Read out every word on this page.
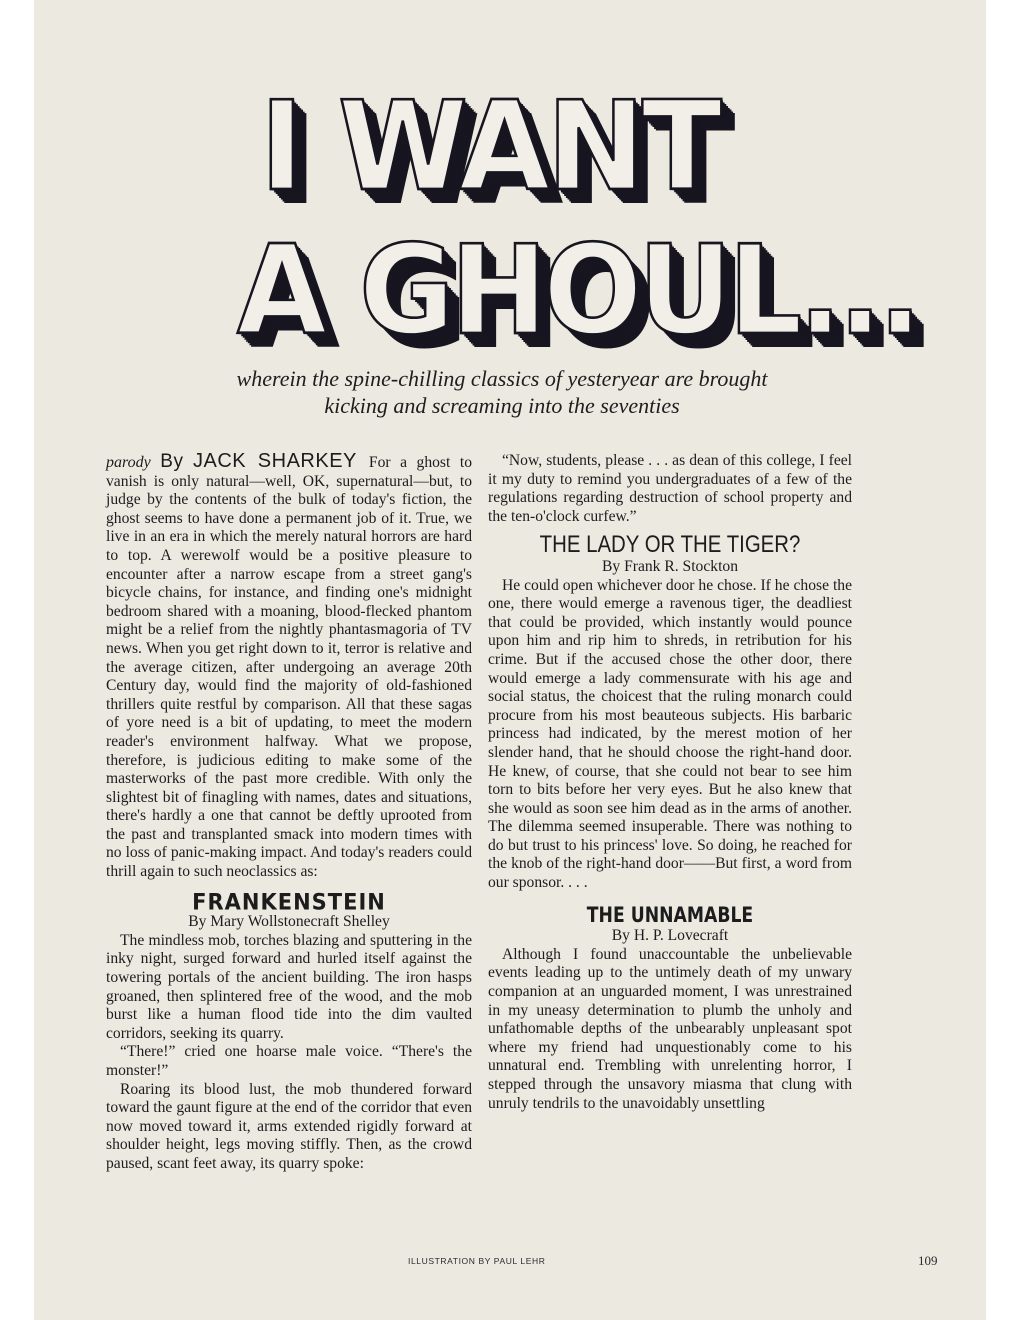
I WANT
A GHOUL...
wherein the spine-chilling classics of yesteryear are brought kicking and screaming into the seventies

parody By JACK SHARKEY For a ghost to vanish is only natural—well, OK, supernatural—but, to judge by the contents of the bulk of today's fiction, the ghost seems to have done a permanent job of it. True, we live in an era in which the merely natural horrors are hard to top. A werewolf would be a positive pleasure to encounter after a narrow escape from a street gang's bicycle chains, for instance, and finding one's midnight bedroom shared with a moaning, blood-flecked phantom might be a relief from the nightly phantasmagoria of TV news. When you get right down to it, terror is relative and the average citizen, after undergoing an average 20th Century day, would find the majority of old-fashioned thrillers quite restful by comparison. All that these sagas of yore need is a bit of updating, to meet the modern reader's environment halfway. What we propose, therefore, is judicious editing to make some of the masterworks of the past more credible. With only the slightest bit of finagling with names, dates and situations, there's hardly a one that cannot be deftly uprooted from the past and transplanted smack into modern times with no loss of panic-making impact. And today's readers could thrill again to such neoclassics as:

FRANKENSTEIN

By Mary Wollstonecraft Shelley

The mindless mob, torches blazing and sputtering in the inky night, surged forward and hurled itself against the towering portals of the ancient building. The iron hasps groaned, then splintered free of the wood, and the mob burst like a human flood tide into the dim vaulted corridors, seeking its quarry.

“There!” cried one hoarse male voice. “There's the monster!”

Roaring its blood lust, the mob thundered forward toward the gaunt figure at the end of the corridor that even now moved toward it, arms extended rigidly forward at shoulder height, legs moving stiffly. Then, as the crowd paused, scant feet away, its quarry spoke:

“Now, students, please . . . as dean of this college, I feel it my duty to remind you undergraduates of a few of the regulations regarding destruction of school property and the ten-o'clock curfew.”

THE LADY OR THE TIGER?

By Frank R. Stockton

He could open whichever door he chose. If he chose the one, there would emerge a ravenous tiger, the deadliest that could be provided, which instantly would pounce upon him and rip him to shreds, in retribution for his crime. But if the accused chose the other door, there would emerge a lady commensurate with his age and social status, the choicest that the ruling monarch could procure from his most beauteous subjects. His barbaric princess had indicated, by the merest motion of her slender hand, that he should choose the right-hand door. He knew, of course, that she could not bear to see him torn to bits before her very eyes. But he also knew that she would as soon see him dead as in the arms of another. The dilemma seemed insuperable. There was nothing to do but trust to his princess' love. So doing, he reached for the knob of the right-hand door——But first, a word from our sponsor. . . .

THE UNNAMABLE

By H. P. Lovecraft

Although I found unaccountable the unbelievable events leading up to the untimely death of my unwary companion at an unguarded moment, I was unrestrained in my uneasy determination to plumb the unholy and unfathomable depths of the unbearably unpleasant spot where my friend had unquestionably come to his unnatural end. Trembling with unrelenting horror, I stepped through the unsavory miasma that clung with unruly tendrils to the unavoidably unsettling

ILLUSTRATION BY PAUL LEHR	109
